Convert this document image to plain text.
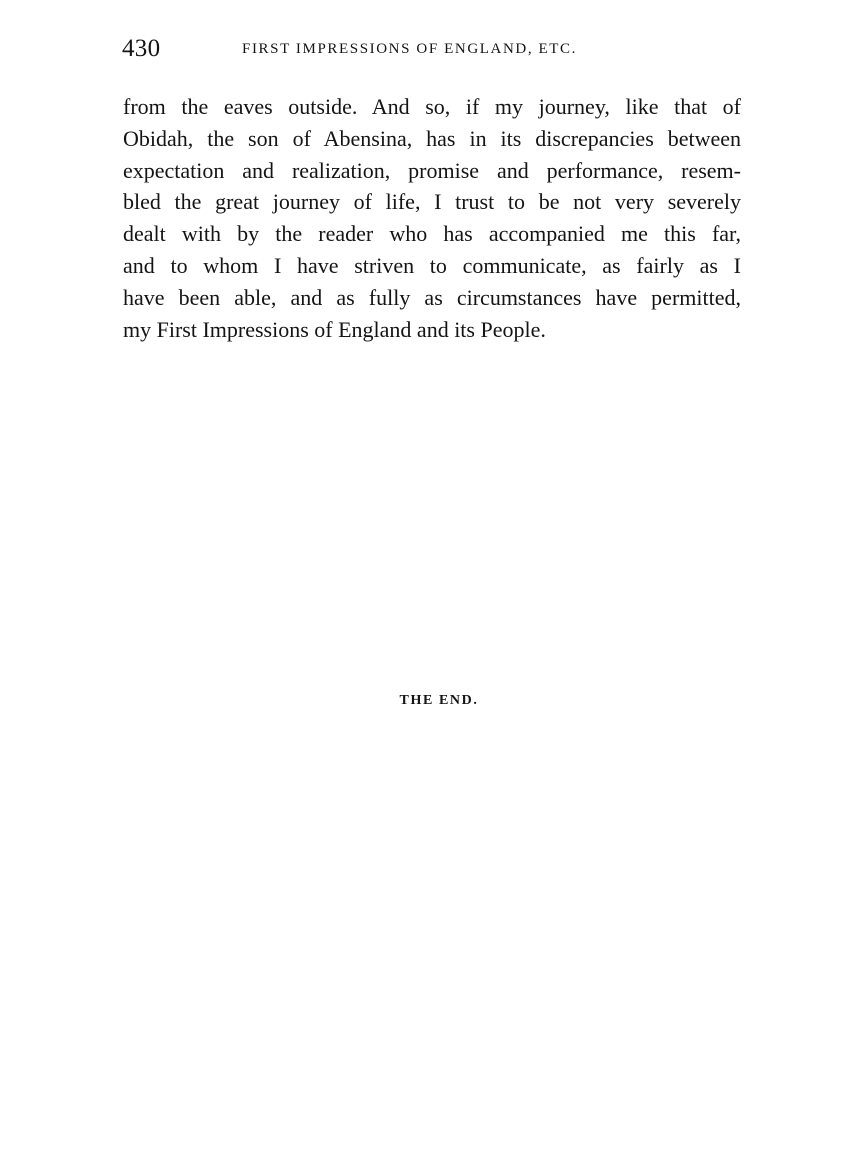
430	FIRST IMPRESSIONS OF ENGLAND, ETC.
from the eaves outside. And so, if my journey, like that of
Obidah, the son of Abensina, has in its discrepancies between
expectation and realization, promise and performance, resem-
bled the great journey of life, I trust to be not very severely
dealt with by the reader who has accompanied me this far,
and to whom I have striven to communicate, as fairly as I
have been able, and as fully as circumstances have permitted,
my First Impressions of England and its People.
THE END.
